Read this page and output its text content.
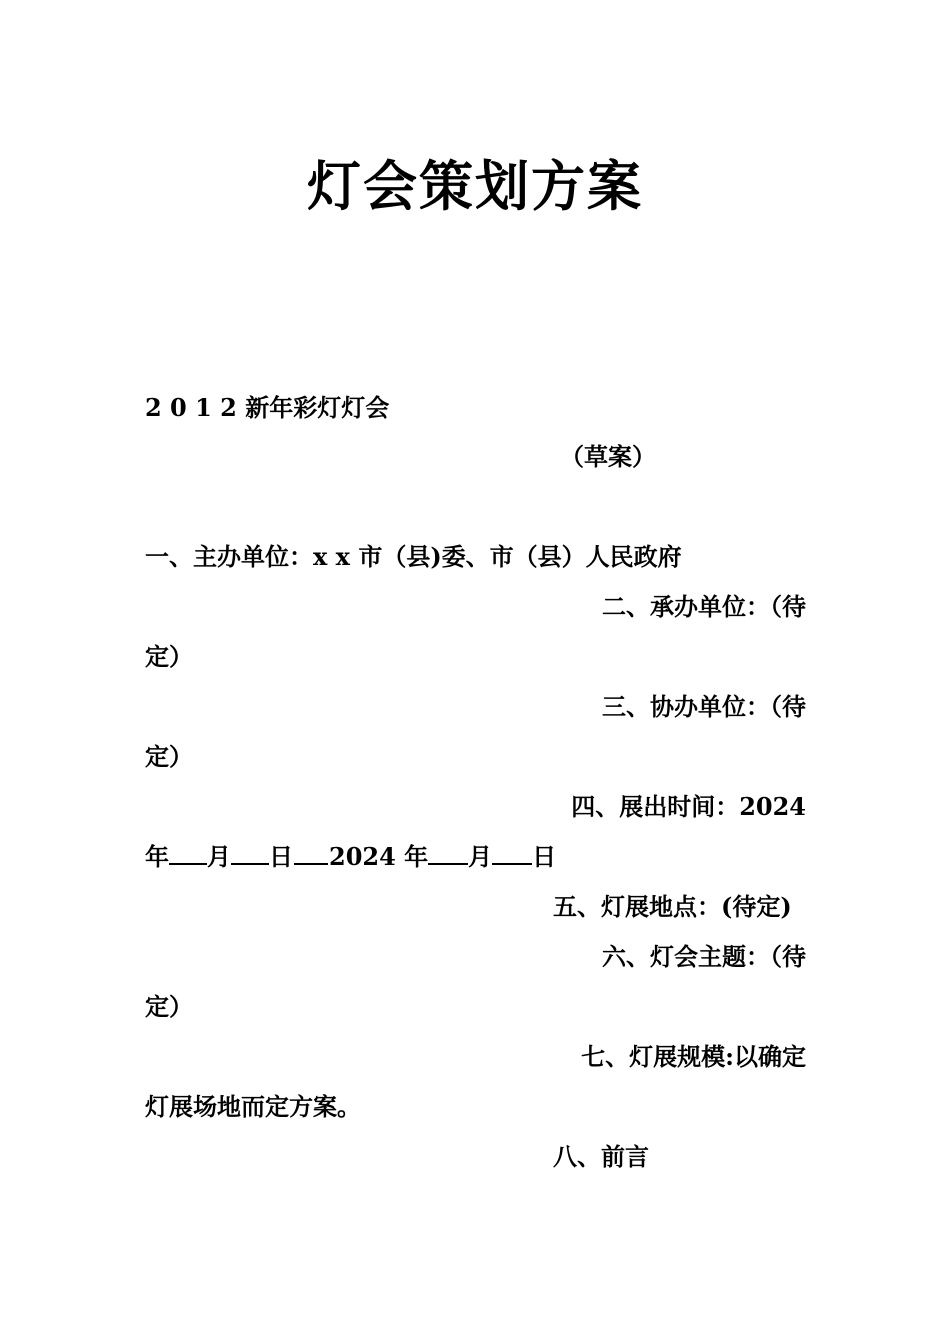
灯会策划方案
2 0 1 2 新年彩灯灯会
（草案）
一、主办单位：x x 市（县)委、市（县）人民政府
二、承办单位：（待
定）
三、协办单位：（待
定）
四、展出时间：2024
年 月 日 2024 年 月 日
五、灯展地点：(待定)
六、灯会主题：（待
定）
七、灯展规模:以确定
灯展场地而定方案。
八、前言
